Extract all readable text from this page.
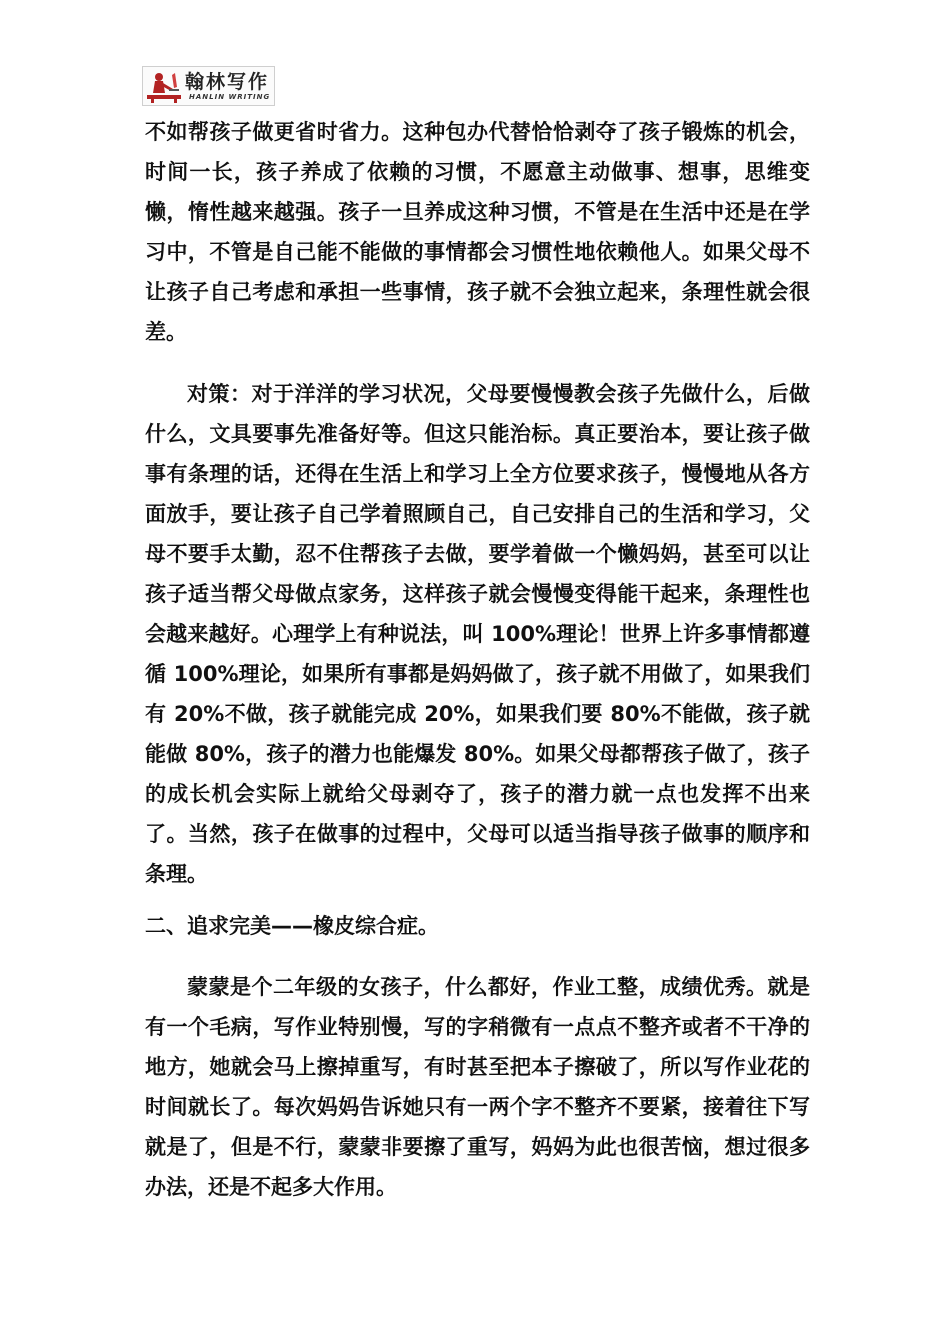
翰林写作
HANLIN WRITING

不如帮孩子做更省时省力。这种包办代替恰恰剥夺了孩子锻炼的机会，时间一长，孩子养成了依赖的习惯，不愿意主动做事、想事，思维变懒，惰性越来越强。孩子一旦养成这种习惯，不管是在生活中还是在学习中，不管是自己能不能做的事情都会习惯性地依赖他人。如果父母不让孩子自己考虑和承担一些事情，孩子就不会独立起来，条理性就会很差。

对策：对于洋洋的学习状况，父母要慢慢教会孩子先做什么，后做什么，文具要事先准备好等。但这只能治标。真正要治本，要让孩子做事有条理的话，还得在生活上和学习上全方位要求孩子，慢慢地从各方面放手，要让孩子自己学着照顾自己，自己安排自己的生活和学习，父母不要手太勤，忍不住帮孩子去做，要学着做一个懒妈妈，甚至可以让孩子适当帮父母做点家务，这样孩子就会慢慢变得能干起来，条理性也会越来越好。心理学上有种说法，叫 100%理论！世界上许多事情都遵循 100%理论，如果所有事都是妈妈做了，孩子就不用做了，如果我们有 20%不做，孩子就能完成 20%，如果我们要 80%不能做，孩子就能做 80%，孩子的潜力也能爆发 80%。如果父母都帮孩子做了，孩子的成长机会实际上就给父母剥夺了，孩子的潜力就一点也发挥不出来了。当然，孩子在做事的过程中，父母可以适当指导孩子做事的顺序和条理。

二、追求完美——橡皮综合症。

蒙蒙是个二年级的女孩子，什么都好，作业工整，成绩优秀。就是有一个毛病，写作业特别慢，写的字稍微有一点点不整齐或者不干净的地方，她就会马上擦掉重写，有时甚至把本子擦破了，所以写作业花的时间就长了。每次妈妈告诉她只有一两个字不整齐不要紧，接着往下写就是了，但是不行，蒙蒙非要擦了重写，妈妈为此也很苦恼，想过很多办法，还是不起多大作用。
